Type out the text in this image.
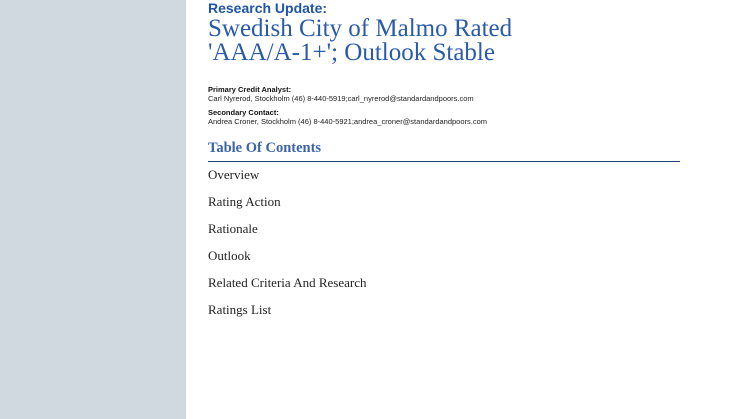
Research Update:

Swedish City of Malmo Rated
'AAA/A-1+'; Outlook Stable
Primary Credit Analyst:
Carl Nyrerod, Stockholm (46) 8-440-5919;carl_nyrerod@standardandpoors.com
Secondary Contact:
Andrea Croner, Stockholm (46) 8-440-5921;andrea_croner@standardandpoors.com
Table Of Contents
Overview
Rating Action
Rationale
Outlook
Related Criteria And Research
Ratings List
